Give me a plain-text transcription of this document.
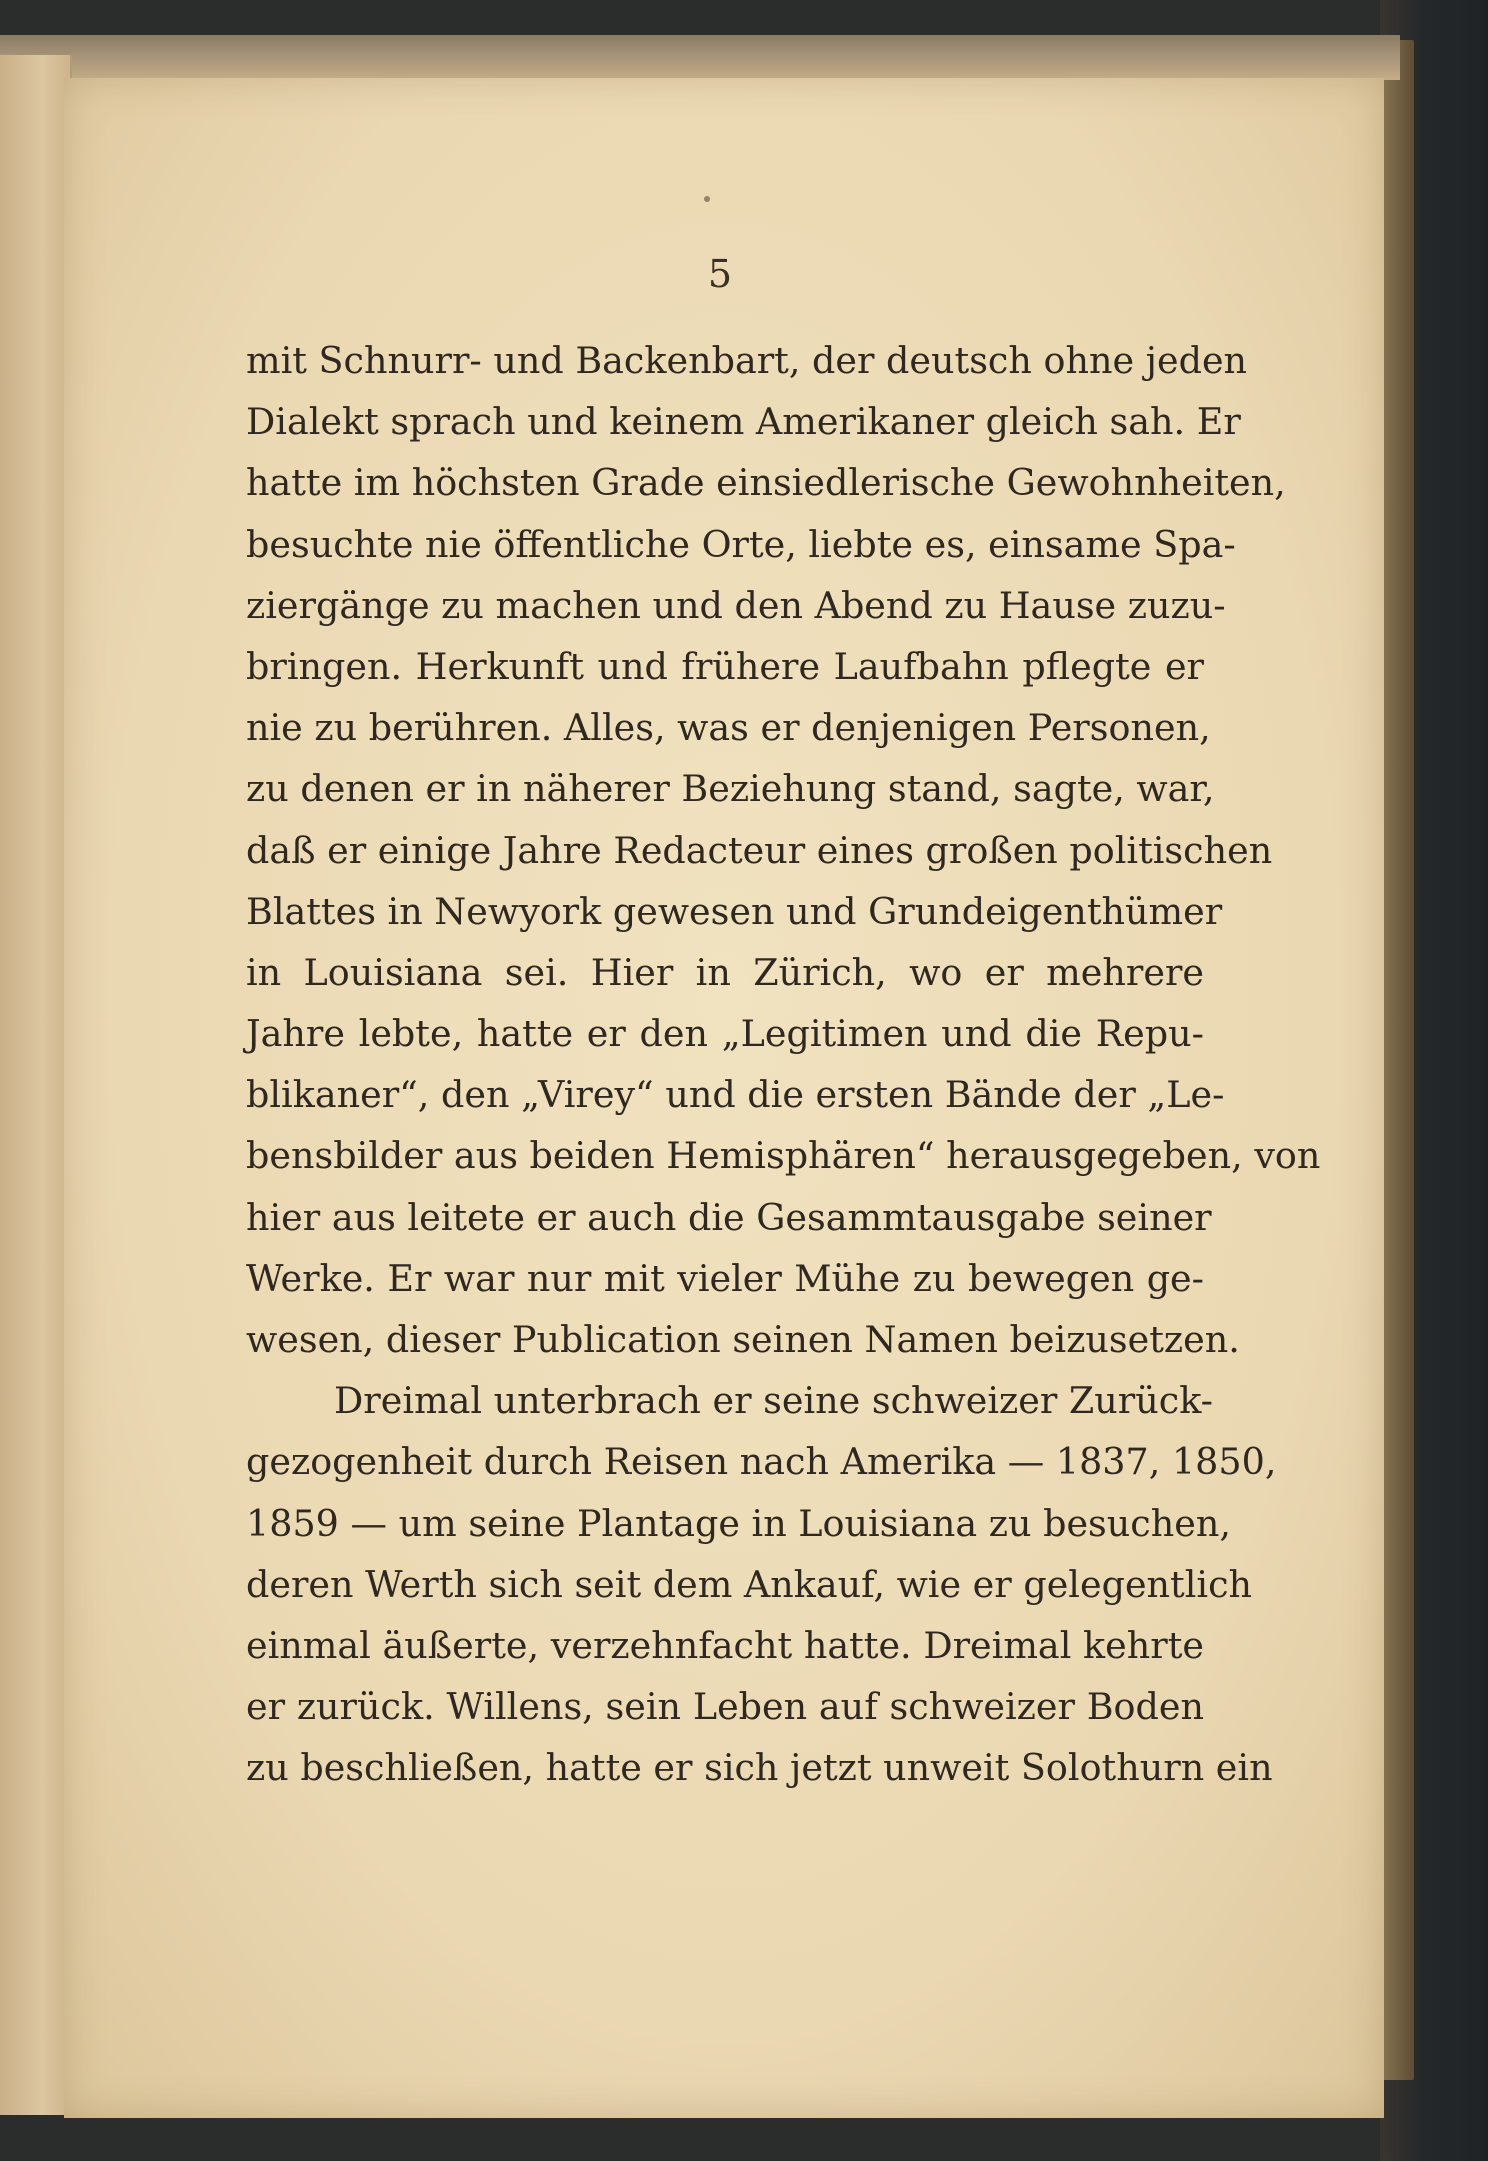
5
mit Schnurr- und Backenbart, der deutsch ohne jeden
Dialekt sprach und keinem Amerikaner gleich sah. Er
hatte im höchsten Grade einsiedlerische Gewohnheiten,
besuchte nie öffentliche Orte, liebte es, einsame Spa-
ziergänge zu machen und den Abend zu Hause zuzu-
bringen. Herkunft und frühere Laufbahn pflegte er
nie zu berühren. Alles, was er denjenigen Personen,
zu denen er in näherer Beziehung stand, sagte, war,
daß er einige Jahre Redacteur eines großen politischen
Blattes in Newyork gewesen und Grundeigenthümer
in Louisiana sei. Hier in Zürich, wo er mehrere
Jahre lebte, hatte er den „Legitimen und die Repu-
blikaner“, den „Virey“ und die ersten Bände der „Le-
bensbilder aus beiden Hemisphären“ herausgegeben, von
hier aus leitete er auch die Gesammtausgabe seiner
Werke. Er war nur mit vieler Mühe zu bewegen ge-
wesen, dieser Publication seinen Namen beizusetzen.
Dreimal unterbrach er seine schweizer Zurück-
gezogenheit durch Reisen nach Amerika — 1837, 1850,
1859 — um seine Plantage in Louisiana zu besuchen,
deren Werth sich seit dem Ankauf, wie er gelegentlich
einmal äußerte, verzehnfacht hatte. Dreimal kehrte
er zurück. Willens, sein Leben auf schweizer Boden
zu beschließen, hatte er sich jetzt unweit Solothurn ein
